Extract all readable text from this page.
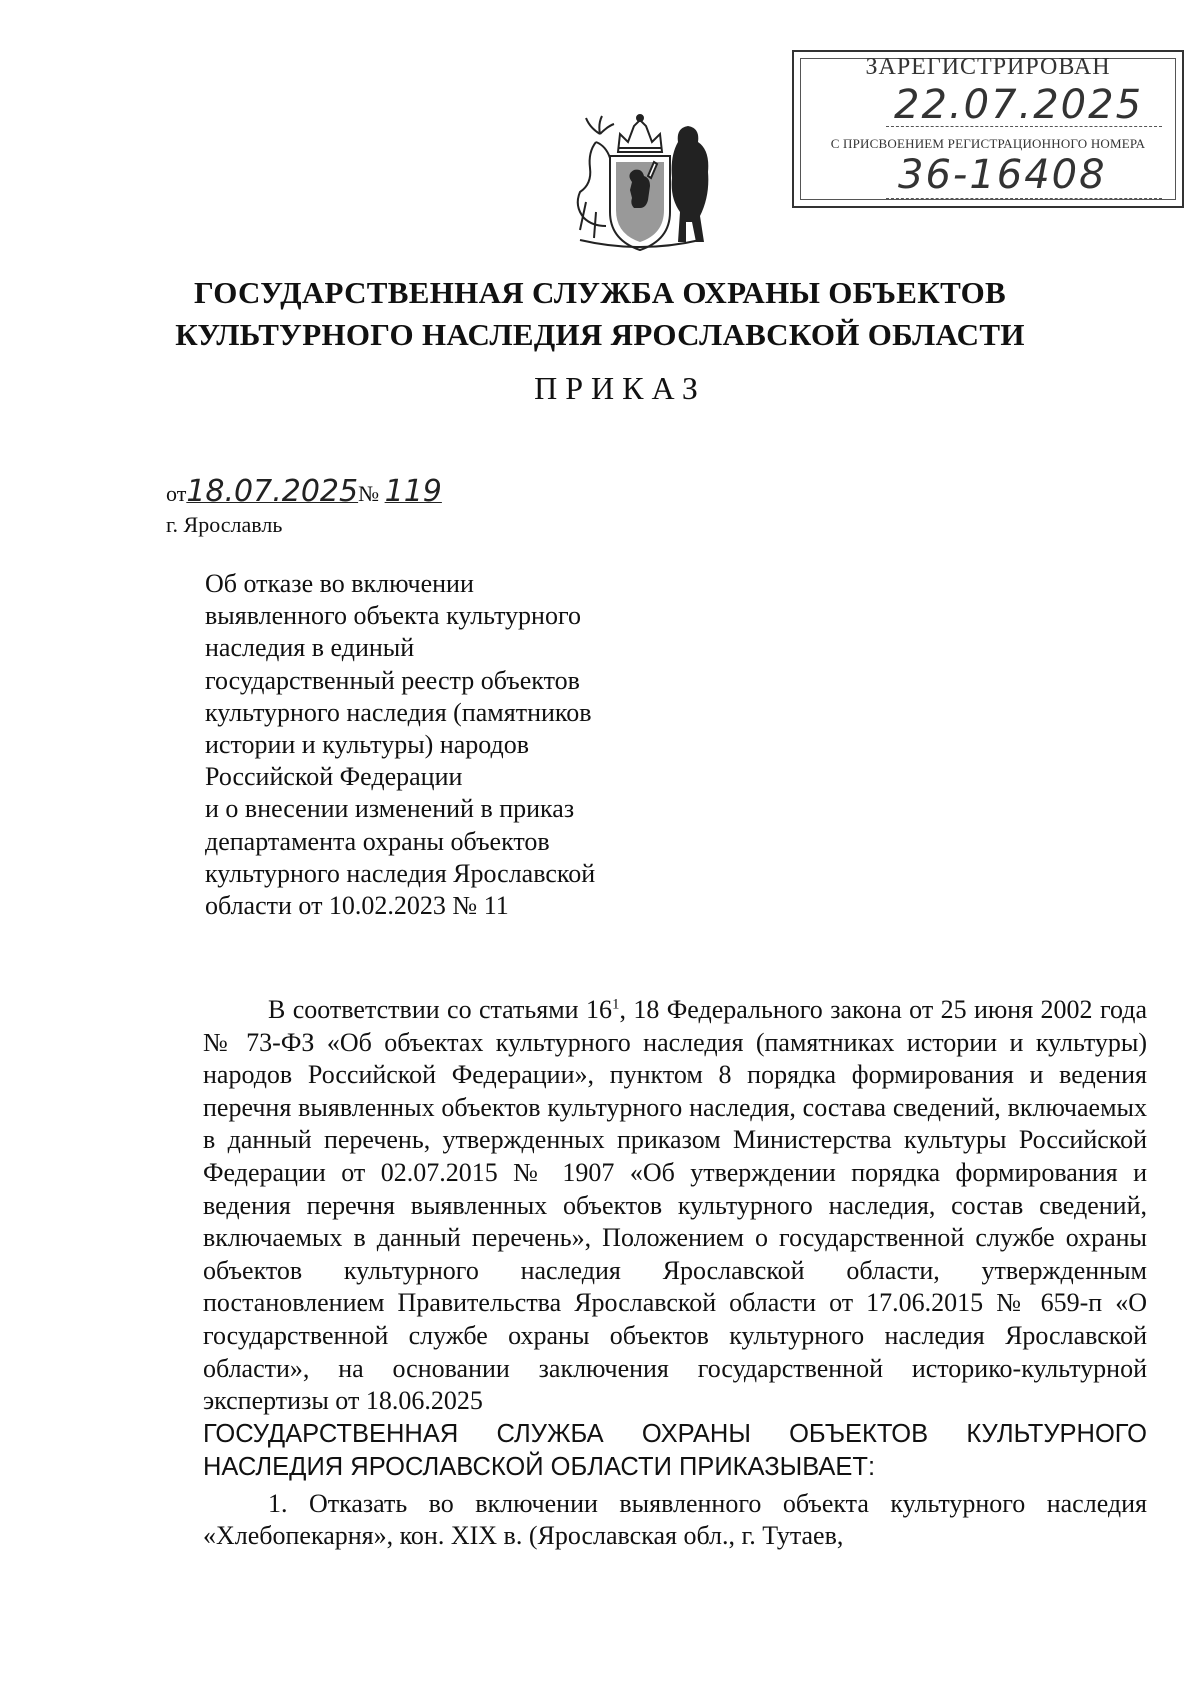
ЗАРЕГИСТРИРОВАН
22.07.2025
С ПРИСВОЕНИЕМ РЕГИСТРАЦИОННОГО НОМЕРА
36-16408
ГОСУДАРСТВЕННАЯ СЛУЖБА ОХРАНЫ ОБЪЕКТОВ
КУЛЬТУРНОГО НАСЛЕДИЯ ЯРОСЛАВСКОЙ ОБЛАСТИ
ПРИКАЗ
от18.07.2025№ 119
г. Ярославль
Об отказе во включении
выявленного объекта культурного
наследия в единый
государственный реестр объектов
культурного наследия (памятников
истории и культуры) народов
Российской Федерации
и о внесении изменений в приказ
департамента охраны объектов
культурного наследия Ярославской
области от 10.02.2023 № 11

В соответствии со статьями $16^1$, 18 Федерального закона от 25 июня 2002 года № 73-ФЗ «Об объектах культурного наследия (памятниках истории и культуры) народов Российской Федерации», пунктом 8 порядка формирования и ведения перечня выявленных объектов культурного наследия, состава сведений, включаемых в данный перечень, утвержденных приказом Министерства культуры Российской Федерации от 02.07.2015 № 1907 «Об утверждении порядка формирования и ведения перечня выявленных объектов культурного наследия, состав сведений, включаемых в данный перечень», Положением о государственной службе охраны объектов культурного наследия Ярославской области, утвержденным постановлением Правительства Ярославской области от 17.06.2015 № 659-п «О государственной службе охраны объектов культурного наследия Ярославской области», на основании заключения государственной историко-культурной экспертизы от 18.06.2025

ГОСУДАРСТВЕННАЯ СЛУЖБА ОХРАНЫ ОБЪЕКТОВ КУЛЬТУРНОГО НАСЛЕДИЯ ЯРОСЛАВСКОЙ ОБЛАСТИ ПРИКАЗЫВАЕТ:

1. Отказать во включении выявленного объекта культурного наследия «Хлебопекарня», кон. XIX в. (Ярославская обл., г. Тутаев,
